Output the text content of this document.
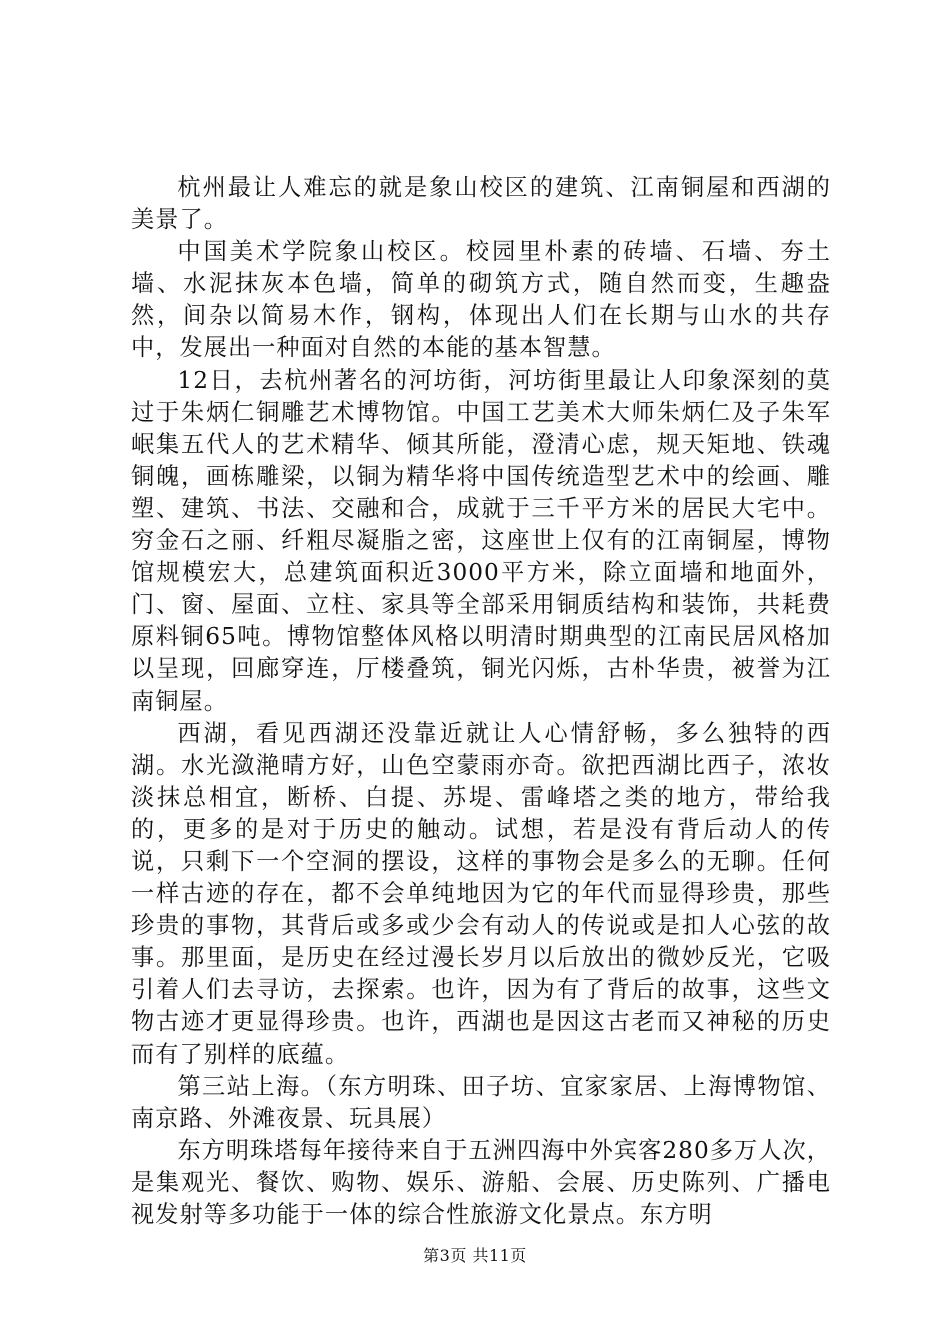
杭州最让人难忘的就是象山校区的建筑、江南铜屋和西湖的美景了。

中国美术学院象山校区。校园里朴素的砖墙、石墙、夯土墙、水泥抹灰本色墙，简单的砌筑方式，随自然而变，生趣盎然，间杂以简易木作，钢构，体现出人们在长期与山水的共存中，发展出一种面对自然的本能的基本智慧。

12日，去杭州著名的河坊街，河坊街里最让人印象深刻的莫过于朱炳仁铜雕艺术博物馆。中国工艺美术大师朱炳仁及子朱军岷集五代人的艺术精华、倾其所能，澄清心虑，规天矩地、铁魂铜魄，画栋雕梁，以铜为精华将中国传统造型艺术中的绘画、雕塑、建筑、书法、交融和合，成就于三千平方米的居民大宅中。穷金石之丽、纤粗尽凝脂之密，这座世上仅有的江南铜屋，博物馆规模宏大，总建筑面积近3000平方米，除立面墙和地面外，门、窗、屋面、立柱、家具等全部采用铜质结构和装饰，共耗费原料铜65吨。博物馆整体风格以明清时期典型的江南民居风格加以呈现，回廊穿连，厅楼叠筑，铜光闪烁，古朴华贵，被誉为江南铜屋。

西湖，看见西湖还没靠近就让人心情舒畅，多么独特的西湖。水光潋滟晴方好，山色空蒙雨亦奇。欲把西湖比西子，浓妆淡抹总相宜，断桥、白提、苏堤、雷峰塔之类的地方，带给我的，更多的是对于历史的触动。试想，若是没有背后动人的传说，只剩下一个空洞的摆设，这样的事物会是多么的无聊。任何一样古迹的存在，都不会单纯地因为它的年代而显得珍贵，那些珍贵的事物，其背后或多或少会有动人的传说或是扣人心弦的故事。那里面，是历史在经过漫长岁月以后放出的微妙反光，它吸引着人们去寻访，去探索。也许，因为有了背后的故事，这些文物古迹才更显得珍贵。也许，西湖也是因这古老而又神秘的历史而有了别样的底蕴。

第三站上海。（东方明珠、田子坊、宜家家居、上海博物馆、南京路、外滩夜景、玩具展）

东方明珠塔每年接待来自于五洲四海中外宾客280多万人次，是集观光、餐饮、购物、娱乐、游船、会展、历史陈列、广播电视发射等多功能于一体的综合性旅游文化景点。东方明

第3页 共11页
